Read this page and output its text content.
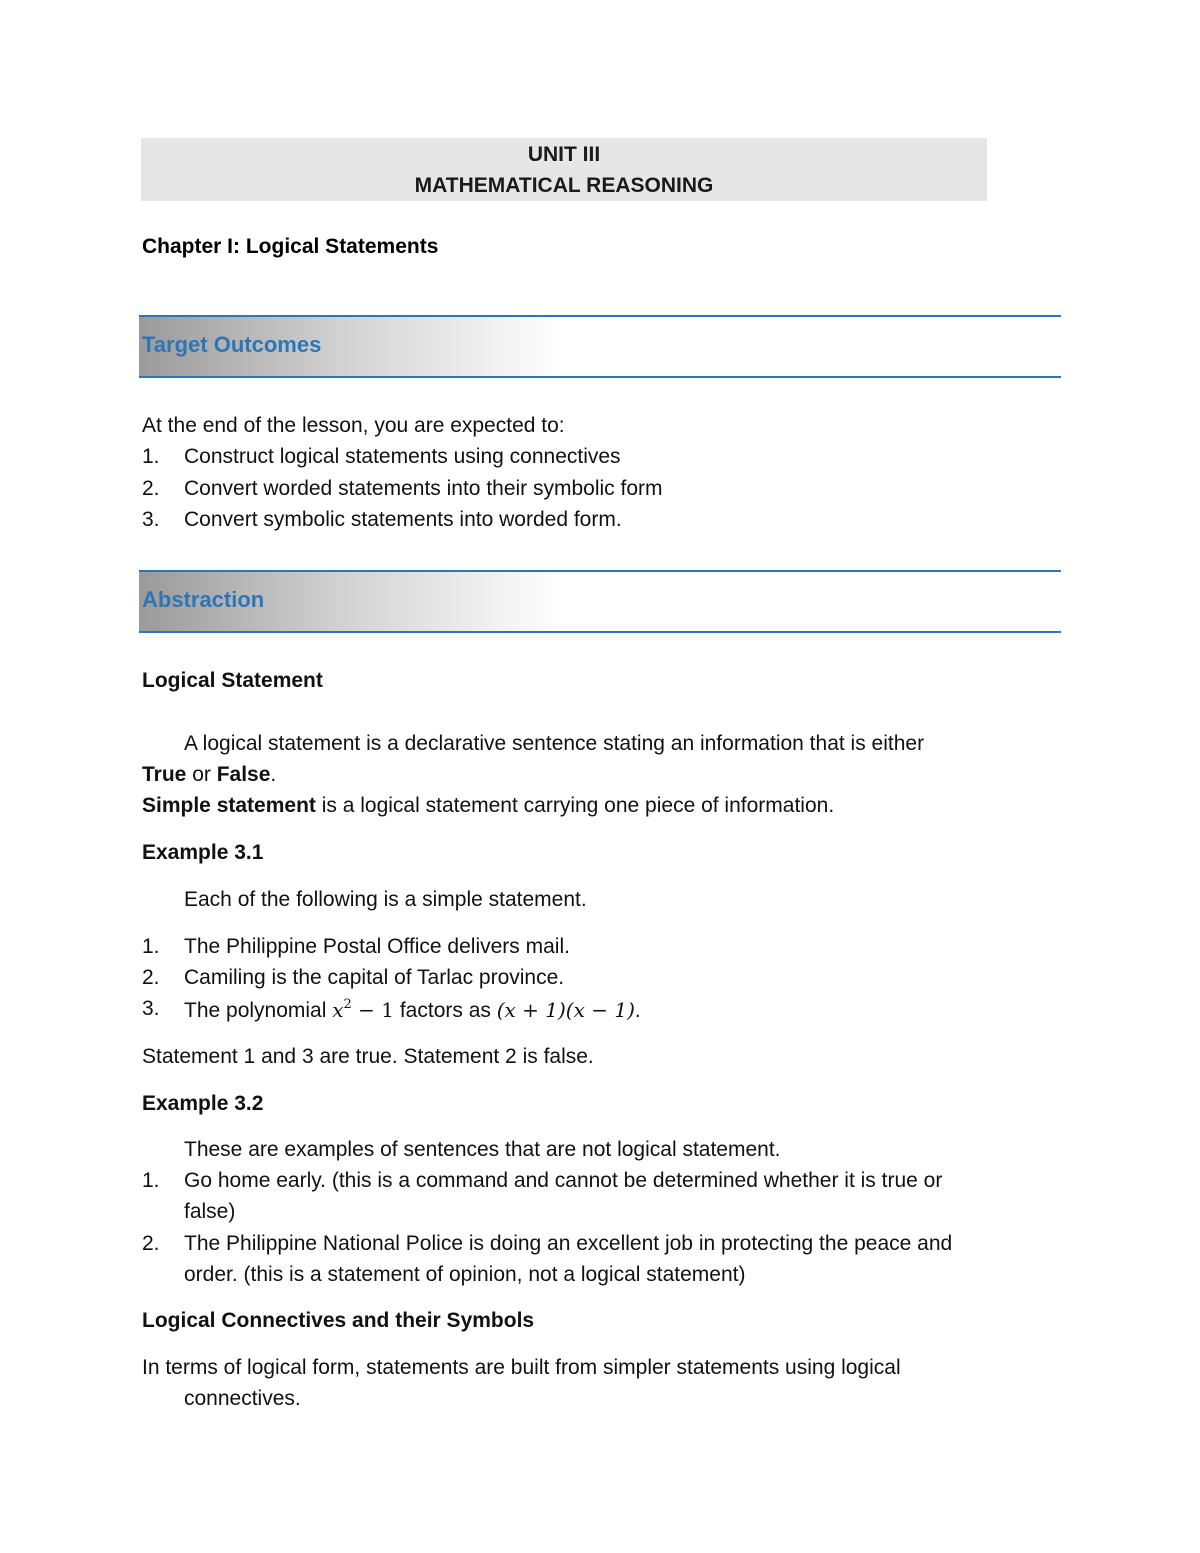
UNIT III
MATHEMATICAL REASONING
Chapter I: Logical Statements
Target Outcomes
At the end of the lesson, you are expected to:
1. Construct logical statements using connectives
2. Convert worded statements into their symbolic form
3. Convert symbolic statements into worded form.
Abstraction
Logical Statement
A logical statement is a declarative sentence stating an information that is either
True or False.
Simple statement is a logical statement carrying one piece of information.
Example 3.1
Each of the following is a simple statement.
1. The Philippine Postal Office delivers mail.
2. Camiling is the capital of Tarlac province.
3. The polynomial $x^2 - 1$ factors as (x + 1)(x − 1).
Statement 1 and 3 are true. Statement 2 is false.
Example 3.2
These are examples of sentences that are not logical statement.
1. Go home early. (this is a command and cannot be determined whether it is true or
false)
2. The Philippine National Police is doing an excellent job in protecting the peace and
order. (this is a statement of opinion, not a logical statement)
Logical Connectives and their Symbols
In terms of logical form, statements are built from simpler statements using logical
connectives.
